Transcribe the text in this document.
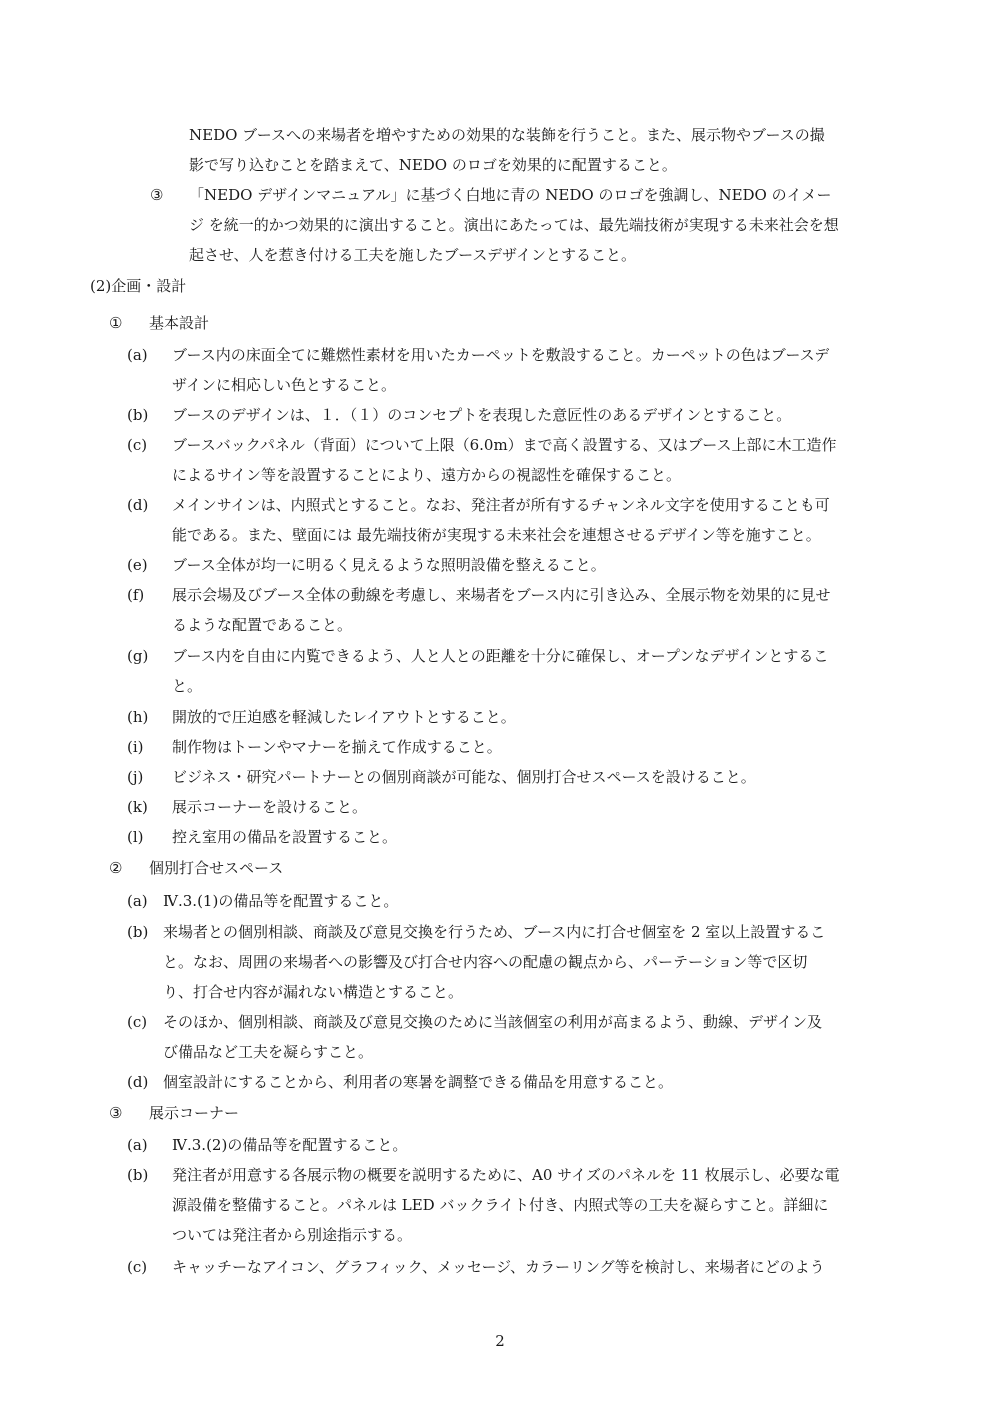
NEDO ブースへの来場者を増やすための効果的な装飾を行うこと。また、展示物やブースの撮
影で写り込むことを踏まえて、NEDO のロゴを効果的に配置すること。
③ 「NEDO デザインマニュアル」に基づく白地に青の NEDO のロゴを強調し、NEDO のイメー
ジ を統一的かつ効果的に演出すること。演出にあたっては、最先端技術が実現する未来社会を想
起させ、人を惹き付ける工夫を施したブースデザインとすること。
(2)企画・設計
① 基本設計
(a) ブース内の床面全てに難燃性素材を用いたカーペットを敷設すること。カーペットの色はブースデ
ザインに相応しい色とすること。
(b) ブースのデザインは、１．（１）のコンセプトを表現した意匠性のあるデザインとすること。
(c) ブースバックパネル（背面）について上限（6.0m）まで高く設置する、又はブース上部に木工造作
によるサイン等を設置することにより、遠方からの視認性を確保すること。
(d) メインサインは、内照式とすること。なお、発注者が所有するチャンネル文字を使用することも可
能である。また、壁面には 最先端技術が実現する未来社会を連想させるデザイン等を施すこと。
(e) ブース全体が均一に明るく見えるような照明設備を整えること。
(f) 展示会場及びブース全体の動線を考慮し、来場者をブース内に引き込み、全展示物を効果的に見せ
るような配置であること。
(g) ブース内を自由に内覧できるよう、人と人との距離を十分に確保し、オープンなデザインとするこ
と。
(h) 開放的で圧迫感を軽減したレイアウトとすること。
(i) 制作物はトーンやマナーを揃えて作成すること。
(j) ビジネス・研究パートナーとの個別商談が可能な、個別打合せスペースを設けること。
(k) 展示コーナーを設けること。
(l) 控え室用の備品を設置すること。
② 個別打合せスペース
(a) Ⅳ.3.(1)の備品等を配置すること。
(b) 来場者との個別相談、商談及び意見交換を行うため、ブース内に打合せ個室を 2 室以上設置するこ
と。なお、周囲の来場者への影響及び打合せ内容への配慮の観点から、パーテーション等で区切
り、打合せ内容が漏れない構造とすること。
(c) そのほか、個別相談、商談及び意見交換のために当該個室の利用が高まるよう、動線、デザイン及
び備品など工夫を凝らすこと。
(d) 個室設計にすることから、利用者の寒暑を調整できる備品を用意すること。
③ 展示コーナー
(a) Ⅳ.3.(2)の備品等を配置すること。
(b) 発注者が用意する各展示物の概要を説明するために、A0 サイズのパネルを 11 枚展示し、必要な電
源設備を整備すること。パネルは LED バックライト付き、内照式等の工夫を凝らすこと。詳細に
ついては発注者から別途指示する。
(c) キャッチーなアイコン、グラフィック、メッセージ、カラーリング等を検討し、来場者にどのよう
2
